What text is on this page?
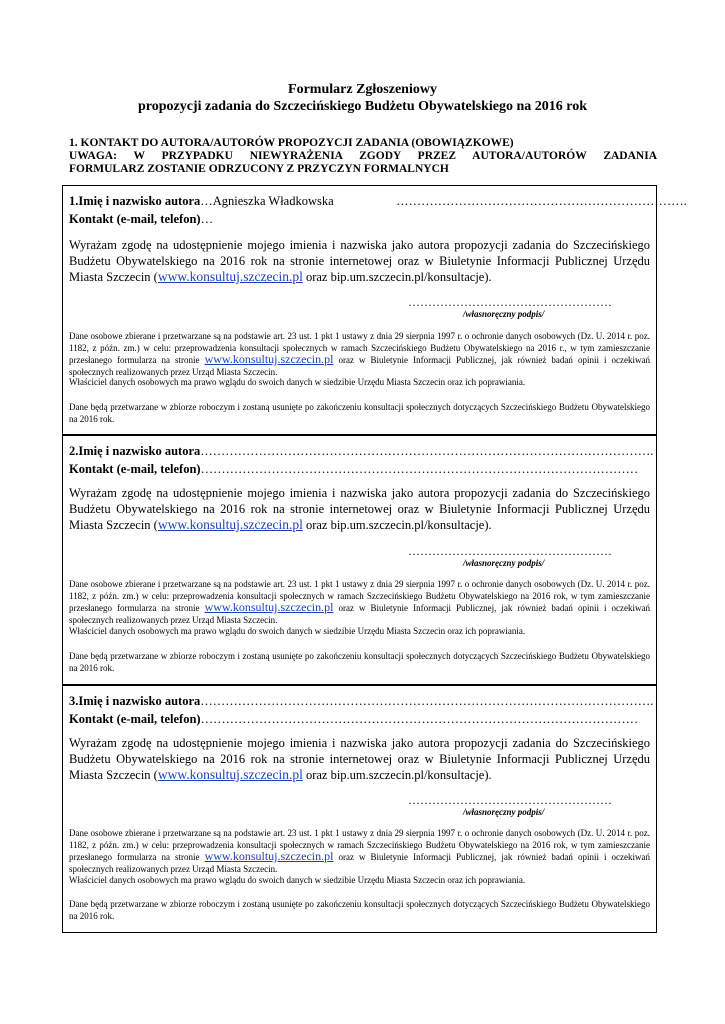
Formularz Zgłoszeniowy
propozycji zadania do Szczecińskiego Budżetu Obywatelskiego na 2016 rok
1. KONTAKT DO AUTORA/AUTORÓW PROPOZYCJI ZADANIA (OBOWIĄZKOWE)
UWAGA: W PRZYPADKU NIEWYRAŻENIA ZGODY PRZEZ AUTORA/AUTORÓW ZADANIA
FORMULARZ ZOSTANIE ODRZUCONY Z PRZYCZYN FORMALNYCH
1.Imię i nazwisko autora…Agnieszka Władkowska                    …………………………………………………………….
Kontakt (e-mail, telefon)…
Wyrażam zgodę na udostępnienie mojego imienia i nazwiska jako autora propozycji zadania do Szczecińskiego Budżetu Obywatelskiego na 2016 rok na stronie internetowej oraz w Biuletynie Informacji Publicznej Urzędu Miasta Szczecin (www.konsultuj.szczecin.pl oraz bip.um.szczecin.pl/konsultacje).
……………………………………………
/własnoręczny podpis/
Dane osobowe zbierane i przetwarzane są na podstawie art. 23 ust. 1 pkt 1 ustawy z dnia 29 sierpnia 1997 r. o ochronie danych osobowych (Dz. U. 2014 r. poz. 1182, z późn. zm.) w celu: przeprowadzenia konsultacji społecznych w ramach Szczecińskiego Budżetu Obywatelskiego na 2016 r., w tym zamieszczanie przesłanego formularza na stronie www.konsultuj.szczecin.pl oraz w Biuletynie Informacji Publicznej, jak również badań opinii i oczekiwań społecznych realizowanych przez Urząd Miasta Szczecin.
Właściciel danych osobowych ma prawo wglądu do swoich danych w siedzibie Urzędu Miasta Szczecin oraz ich poprawiania.
Dane będą przetwarzane w zbiorze roboczym i zostaną usunięte po zakończeniu konsultacji społecznych dotyczących Szczecińskiego Budżetu Obywatelskiego na 2016 rok.
2.Imię i nazwisko autora……………………………………………………………………………………………….
Kontakt (e-mail, telefon)……………………………………………………………………………………………
Wyrażam zgodę na udostępnienie mojego imienia i nazwiska jako autora propozycji zadania do Szczecińskiego Budżetu Obywatelskiego na 2016 rok na stronie internetowej oraz w Biuletynie Informacji Publicznej Urzędu Miasta Szczecin (www.konsultuj.szczecin.pl oraz bip.um.szczecin.pl/konsultacje).
……………………………………………
/własnoręczny podpis/
Dane osobowe zbierane i przetwarzane są na podstawie art. 23 ust. 1 pkt 1 ustawy z dnia 29 sierpnia 1997 r. o ochronie danych osobowych (Dz. U. 2014 r. poz. 1182, z późn. zm.) w celu: przeprowadzenia konsultacji społecznych w ramach Szczecińskiego Budżetu Obywatelskiego na 2016 rok, w tym zamieszczanie przesłanego formularza na stronie www.konsultuj.szczecin.pl oraz w Biuletynie Informacji Publicznej, jak również badań opinii i oczekiwań społecznych realizowanych przez Urząd Miasta Szczecin.
Właściciel danych osobowych ma prawo wglądu do swoich danych w siedzibie Urzędu Miasta Szczecin oraz ich poprawiania.
Dane będą przetwarzane w zbiorze roboczym i zostaną usunięte po zakończeniu konsultacji społecznych dotyczących Szczecińskiego Budżetu Obywatelskiego na 2016 rok.
3.Imię i nazwisko autora……………………………………………………………………………………………….
Kontakt (e-mail, telefon)……………………………………………………………………………………………
Wyrażam zgodę na udostępnienie mojego imienia i nazwiska jako autora propozycji zadania do Szczecińskiego Budżetu Obywatelskiego na 2016 rok na stronie internetowej oraz w Biuletynie Informacji Publicznej Urzędu Miasta Szczecin (www.konsultuj.szczecin.pl oraz bip.um.szczecin.pl/konsultacje).
……………………………………………
/własnoręczny podpis/
Dane osobowe zbierane i przetwarzane są na podstawie art. 23 ust. 1 pkt 1 ustawy z dnia 29 sierpnia 1997 r. o ochronie danych osobowych (Dz. U. 2014 r. poz. 1182, z późn. zm.) w celu: przeprowadzenia konsultacji społecznych w ramach Szczecińskiego Budżetu Obywatelskiego na 2016 rok, w tym zamieszczanie przesłanego formularza na stronie www.konsultuj.szczecin.pl oraz w Biuletynie Informacji Publicznej, jak również badań opinii i oczekiwań społecznych realizowanych przez Urząd Miasta Szczecin.
Właściciel danych osobowych ma prawo wglądu do swoich danych w siedzibie Urzędu Miasta Szczecin oraz ich poprawiania.
Dane będą przetwarzane w zbiorze roboczym i zostaną usunięte po zakończeniu konsultacji społecznych dotyczących Szczecińskiego Budżetu Obywatelskiego na 2016 rok.
